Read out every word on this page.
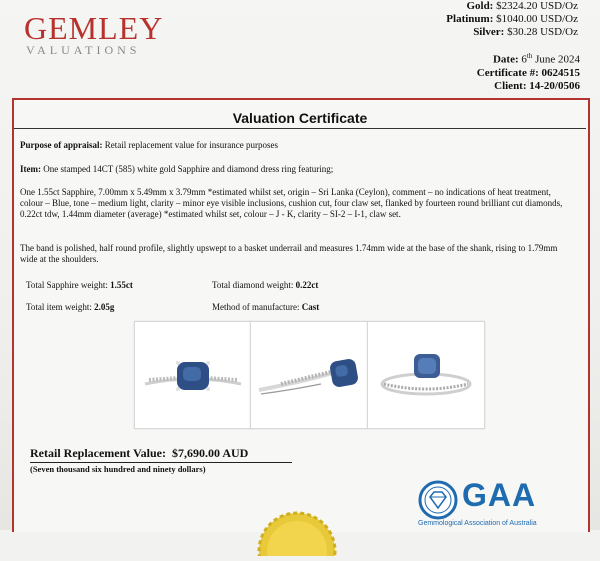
GEMLEY
VALUATIONS
Gold: $2324.20 USD/Oz
Platinum: $1040.00 USD/Oz
Silver: $30.28 USD/Oz
Date: 6th June 2024
Certificate #: 0624515
Client: 14-20/0506
Valuation Certificate
Purpose of appraisal: Retail replacement value for insurance purposes
Item: One stamped 14CT (585) white gold Sapphire and diamond dress ring featuring;
One 1.55ct Sapphire, 7.00mm x 5.49mm x 3.79mm *estimated whilst set, origin – Sri Lanka (Ceylon), comment – no indications of heat treatment, colour – Blue, tone – medium light, clarity – minor eye visible inclusions, cushion cut, four claw set, flanked by fourteen round brilliant cut diamonds, 0.22ct tdw, 1.44mm diameter (average) *estimated whilst set, colour – J - K, clarity – SI-2 – I-1, claw set.
The band is polished, half round profile, slightly upswept to a basket underrail and measures 1.74mm wide at the base of the shank, rising to 1.79mm wide at the shoulders.
Total Sapphire weight: 1.55ct	Total diamond weight: 0.22ct
Total item weight: 2.05g	Method of manufacture: Cast
Retail Replacement Value: $7,690.00 AUD
(Seven thousand six hundred and ninety dollars)
GAA
Gemmological Association of Australia
